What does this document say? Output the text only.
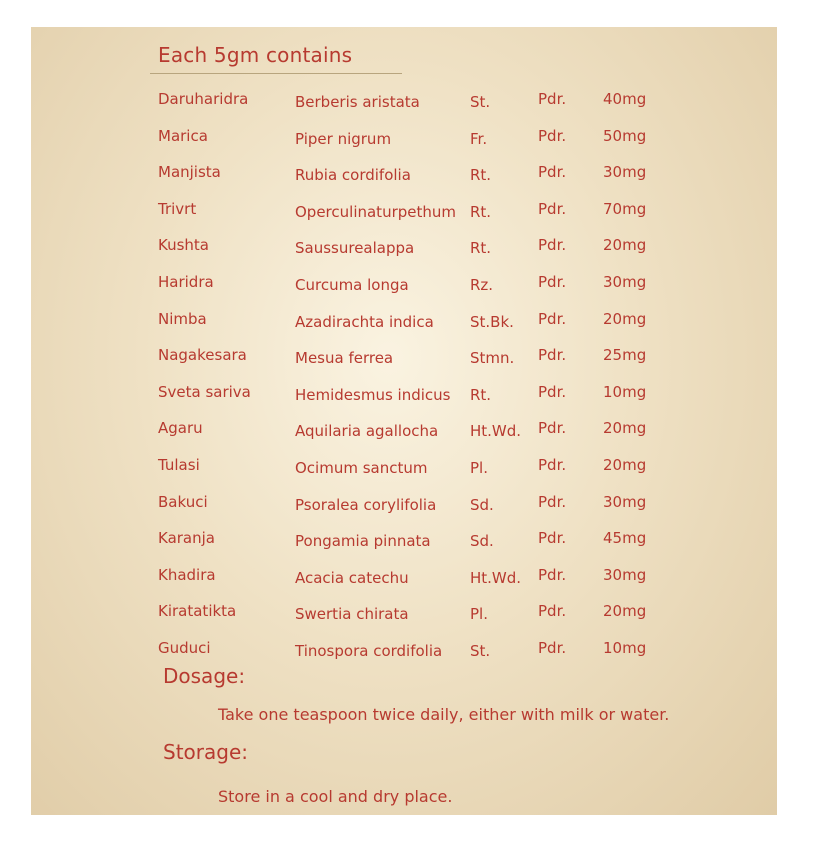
Each 5gm contains
Daruharidra	Berberis aristata	St.	Pdr. 40mg
Marica	Piper nigrum	Fr.	Pdr. 50mg
Manjista	Rubia cordifolia	Rt.	Pdr. 30mg
Trivrt	Operculinaturpethum Rt.	Pdr. 70mg
Kushta	Saussurealappa	Rt.	Pdr. 20mg
Haridra	Curcuma longa	Rz.	Pdr. 30mg
Nimba	Azadirachta indica St.Bk. Pdr. 20mg
Nagakesara	Mesua ferrea	Stmn. Pdr. 25mg
Sveta sariva	Hemidesmus indicus Rt.	Pdr. 10mg
Agaru	Aquilaria agallocha Ht.Wd. Pdr. 20mg
Tulasi	Ocimum sanctum	Pl.	Pdr. 20mg
Bakuci	Psoralea corylifolia Sd.	Pdr. 30mg
Karanja	Pongamia pinnata	Sd.	Pdr. 45mg
Khadira	Acacia catechu	Ht.Wd. Pdr. 30mg
Kiratatikta	Swertia chirata	Pl.	Pdr. 20mg
Guduci	Tinospora cordifolia St.	Pdr. 10mg
Dosage:

Take one teaspoon twice daily, either with milk or water.

Storage:

Store in a cool and dry place.
